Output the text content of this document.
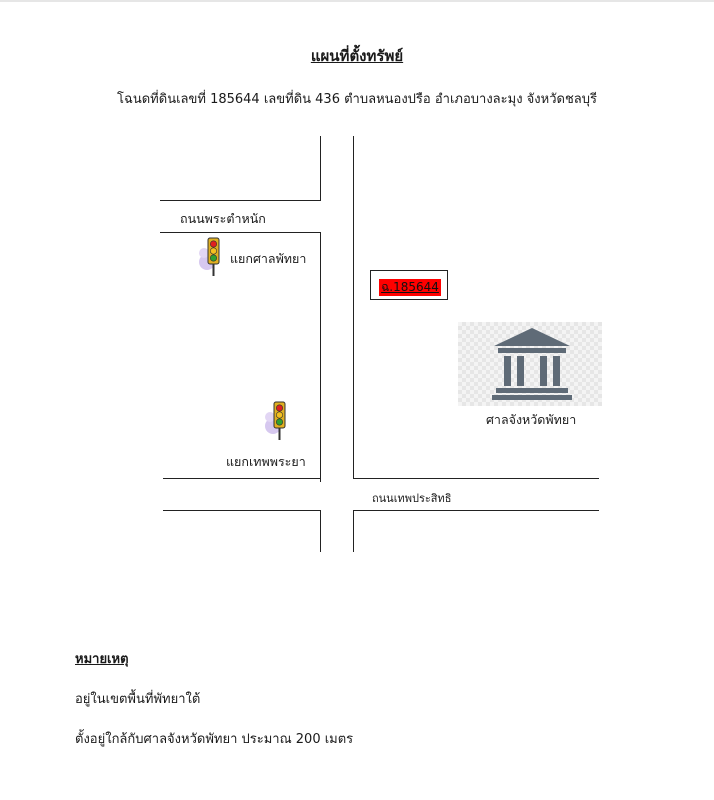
แผนที่ตั้งทรัพย์
โฉนดที่ดินเลขที่ 185644 เลขที่ดิน 436 ตำบลหนองปรือ อำเภอบางละมุง จังหวัดชลบุรี
ถนนพระตำหนัก
ถนนเทพประสิทธิ
แยกศาลพัทยา
แยกเทพพระยา
ฉ.185644
ศาลจังหวัดพัทยา
หมายเหตุ
อยู่ในเขตพื้นที่พัทยาใต้
ตั้งอยู่ใกล้กับศาลจังหวัดพัทยา ประมาณ 200 เมตร
